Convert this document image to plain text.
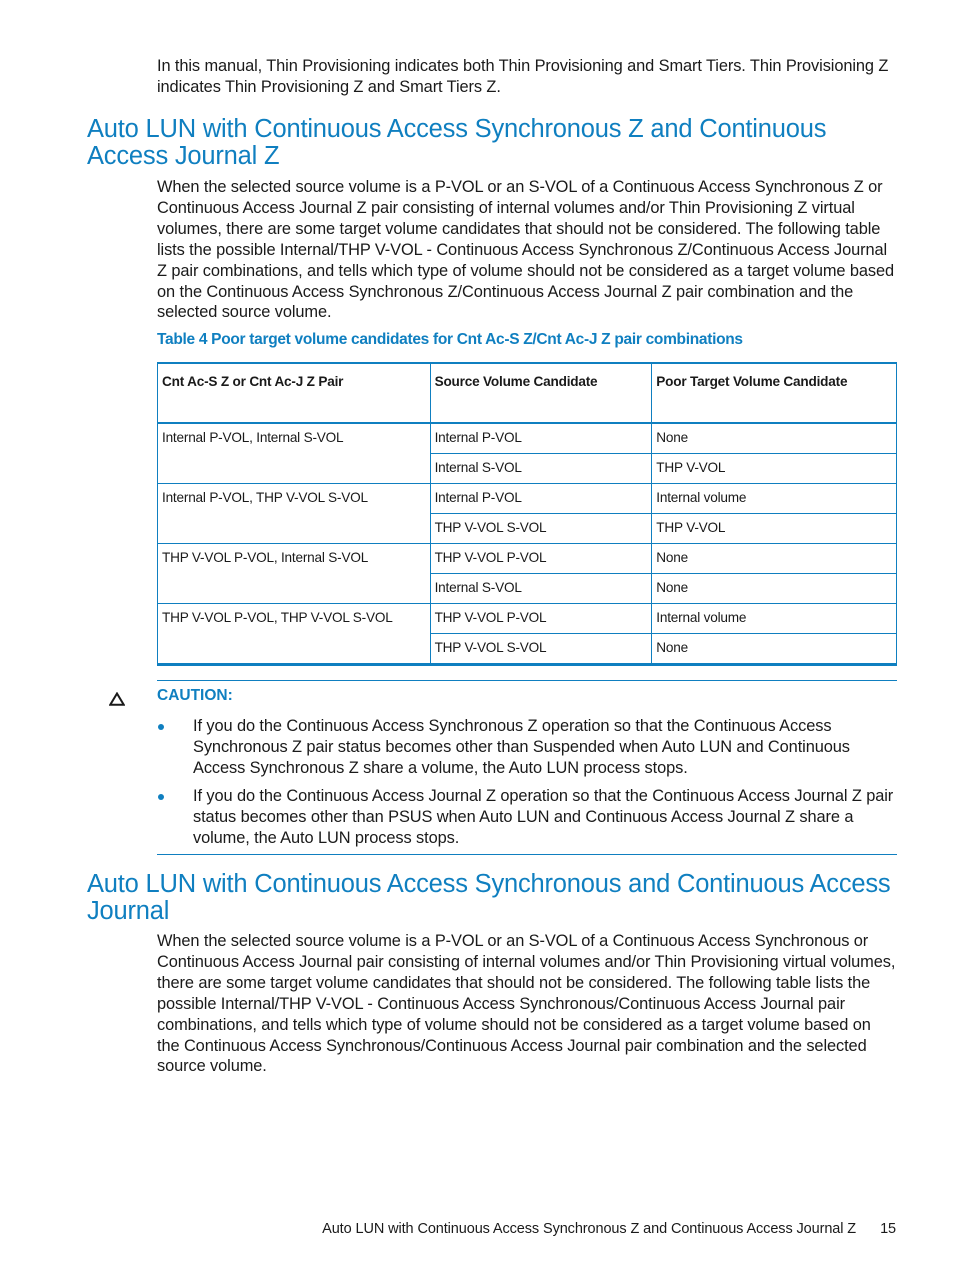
In this manual, Thin Provisioning indicates both Thin Provisioning and Smart Tiers. Thin Provisioning Z indicates Thin Provisioning Z and Smart Tiers Z.

Auto LUN with Continuous Access Synchronous Z and Continuous Access Journal Z

When the selected source volume is a P-VOL or an S-VOL of a Continuous Access Synchronous Z or Continuous Access Journal Z pair consisting of internal volumes and/or Thin Provisioning Z virtual volumes, there are some target volume candidates that should not be considered. The following table lists the possible Internal/THP V-VOL - Continuous Access Synchronous Z/Continuous Access Journal Z pair combinations, and tells which type of volume should not be considered as a target volume based on the Continuous Access Synchronous Z/Continuous Access Journal Z pair combination and the selected source volume.

Table 4 Poor target volume candidates for Cnt Ac-S Z/Cnt Ac-J Z pair combinations

Cnt Ac-S Z or Cnt Ac-J Z Pair	Source Volume Candidate	Poor Target Volume Candidate
Internal P-VOL, Internal S-VOL	Internal P-VOL	None
	Internal S-VOL	THP V-VOL
Internal P-VOL, THP V-VOL S-VOL	Internal P-VOL	Internal volume
	THP V-VOL S-VOL	THP V-VOL
THP V-VOL P-VOL, Internal S-VOL	THP V-VOL P-VOL	None
	Internal S-VOL	None
THP V-VOL P-VOL, THP V-VOL S-VOL	THP V-VOL P-VOL	Internal volume
	THP V-VOL S-VOL	None

CAUTION:

If you do the Continuous Access Synchronous Z operation so that the Continuous Access Synchronous Z pair status becomes other than Suspended when Auto LUN and Continuous Access Synchronous Z share a volume, the Auto LUN process stops.
If you do the Continuous Access Journal Z operation so that the Continuous Access Journal Z pair status becomes other than PSUS when Auto LUN and Continuous Access Journal Z share a volume, the Auto LUN process stops.
Auto LUN with Continuous Access Synchronous and Continuous Access Journal

When the selected source volume is a P-VOL or an S-VOL of a Continuous Access Synchronous or Continuous Access Journal pair consisting of internal volumes and/or Thin Provisioning virtual volumes, there are some target volume candidates that should not be considered. The following table lists the possible Internal/THP V-VOL - Continuous Access Synchronous/Continuous Access Journal pair combinations, and tells which type of volume should not be considered as a target volume based on the Continuous Access Synchronous/Continuous Access Journal pair combination and the selected source volume.

Auto LUN with Continuous Access Synchronous Z and Continuous Access Journal Z 15
